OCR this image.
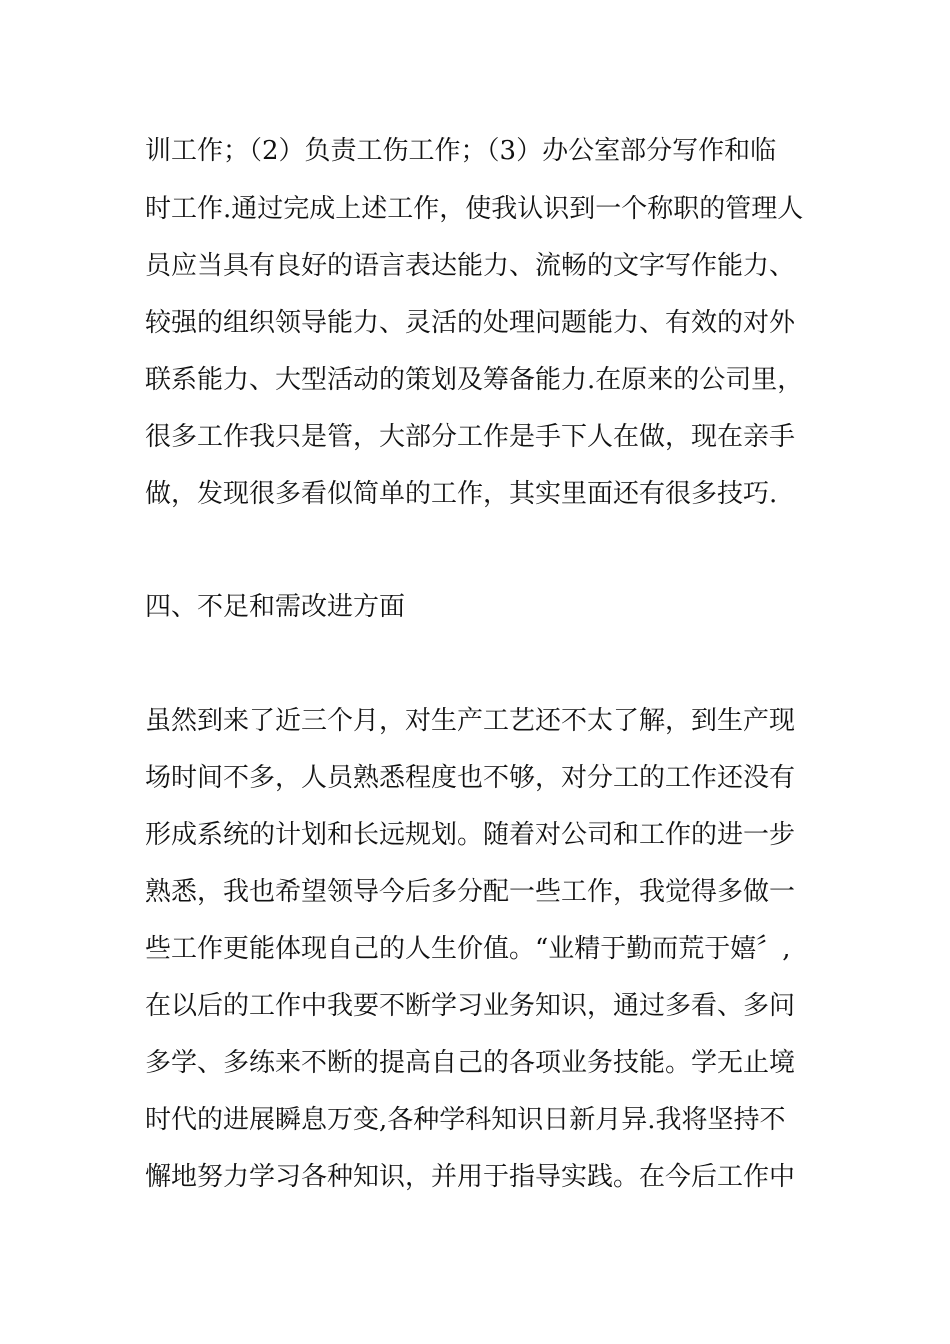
训工作；（2）负责工伤工作；（3）办公室部分写作和临
时工作.通过完成上述工作，使我认识到一个称职的管理人
员应当具有良好的语言表达能力、流畅的文字写作能力、
较强的组织领导能力、灵活的处理问题能力、有效的对外
联系能力、大型活动的策划及筹备能力.在原来的公司里，
很多工作我只是管，大部分工作是手下人在做，现在亲手
做，发现很多看似简单的工作，其实里面还有很多技巧.
四、不足和需改进方面
虽然到来了近三个月，对生产工艺还不太了解，到生产现
场时间不多，人员熟悉程度也不够，对分工的工作还没有
形成系统的计划和长远规划。随着对公司和工作的进一步
熟悉，我也希望领导今后多分配一些工作，我觉得多做一
些工作更能体现自己的人生价值。“业精于勤而荒于嬉〞,
在以后的工作中我要不断学习业务知识，通过多看、多问
多学、多练来不断的提高自己的各项业务技能。学无止境
时代的进展瞬息万变,各种学科知识日新月异.我将坚持不
懈地努力学习各种知识，并用于指导实践。在今后工作中
